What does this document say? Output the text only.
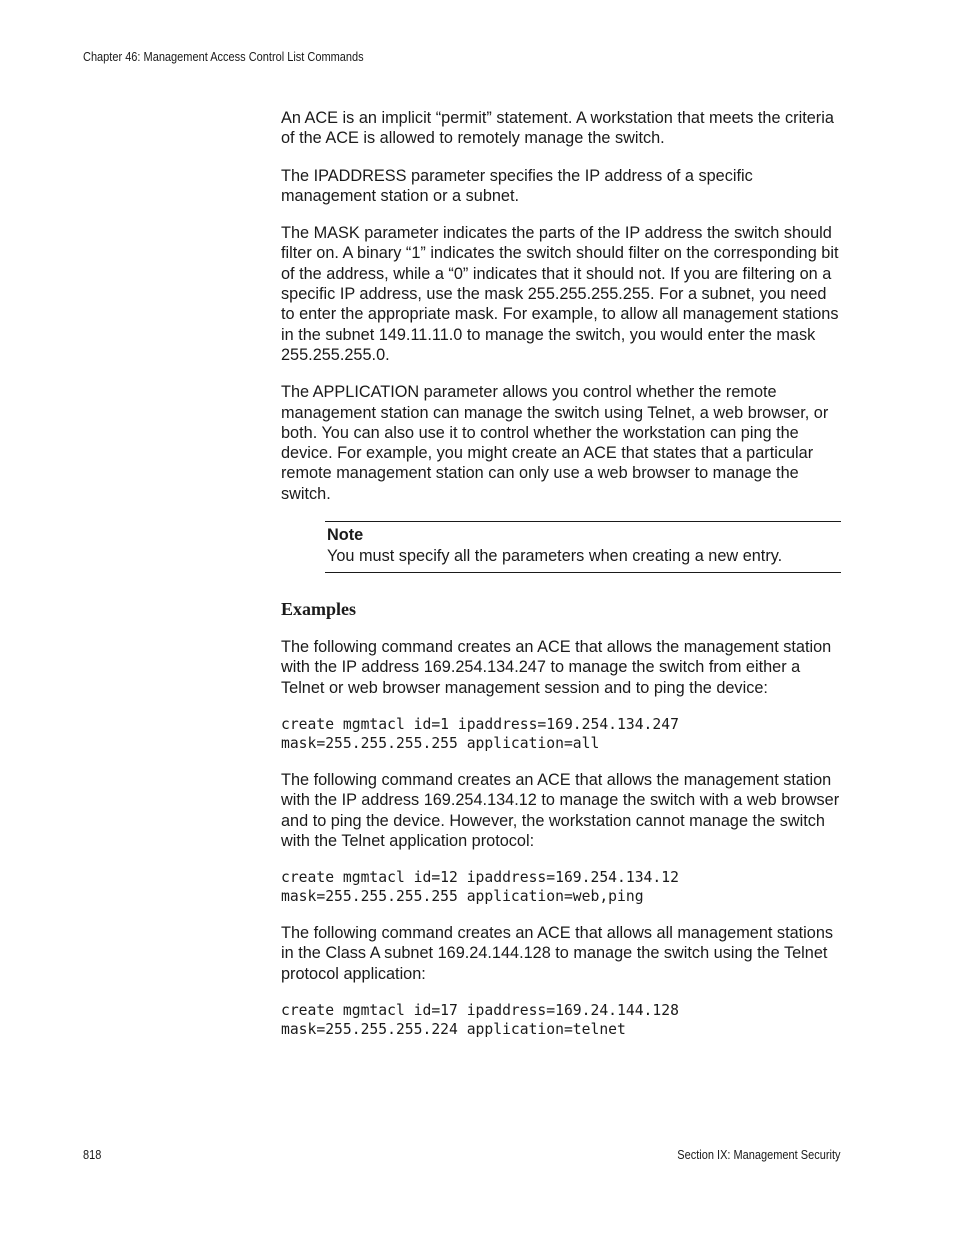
Chapter 46: Management Access Control List Commands

An ACE is an implicit “permit” statement. A workstation that meets the criteria of the ACE is allowed to remotely manage the switch.

The IPADDRESS parameter specifies the IP address of a specific management station or a subnet.

The MASK parameter indicates the parts of the IP address the switch should filter on. A binary “1” indicates the switch should filter on the corresponding bit of the address, while a “0” indicates that it should not. If you are filtering on a specific IP address, use the mask 255.255.255.255. For a subnet, you need to enter the appropriate mask. For example, to allow all management stations in the subnet 149.11.11.0 to manage the switch, you would enter the mask 255.255.255.0.

The APPLICATION parameter allows you control whether the remote management station can manage the switch using Telnet, a web browser, or both. You can also use it to control whether the workstation can ping the device. For example, you might create an ACE that states that a particular remote management station can only use a web browser to manage the switch.

Note
You must specify all the parameters when creating a new entry.
Examples

The following command creates an ACE that allows the management station with the IP address 169.254.134.247 to manage the switch from either a Telnet or web browser management session and to ping the device:

create mgmtacl id=1 ipaddress=169.254.134.247
mask=255.255.255.255 application=all

The following command creates an ACE that allows the management station with the IP address 169.254.134.12 to manage the switch with a web browser and to ping the device. However, the workstation cannot manage the switch with the Telnet application protocol:

create mgmtacl id=12 ipaddress=169.254.134.12
mask=255.255.255.255 application=web,ping

The following command creates an ACE that allows all management stations in the Class A subnet 169.24.144.128 to manage the switch using the Telnet protocol application:

create mgmtacl id=17 ipaddress=169.24.144.128
mask=255.255.255.224 application=telnet
818	Section IX: Management Security
